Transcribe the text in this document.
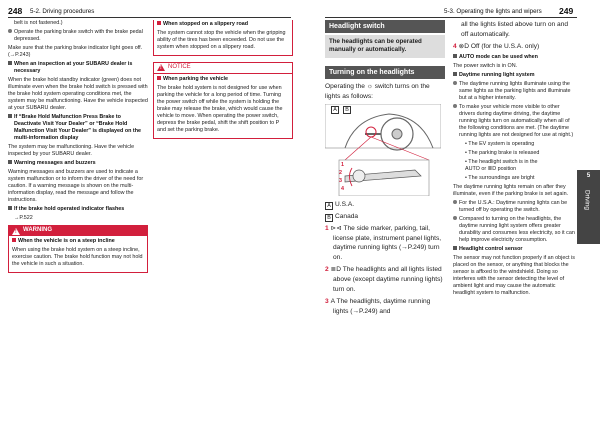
248 5-2. Driving procedures	5-3. Operating the lights and wipers 249

belt is not fastened.)

Operate the parking brake switch with the brake pedal depressed.

Make sure that the parking brake indicator light goes off. (→P.243)

When an inspection at your SUBARU dealer is necessary

When the brake hold standby indicator (green) does not illuminate even when the brake hold switch is pressed with the brake hold system operating conditions met, the system may be malfunctioning. Have the vehicle inspected at your SUBARU dealer.

If “Brake Hold Malfunction Press Brake to Deactivate Visit Your Dealer” or “Brake Hold Malfunction Visit Your Dealer” is displayed on the multi-information display

The system may be malfunctioning. Have the vehicle inspected by your SUBARU dealer.

Warning messages and buzzers

Warning messages and buzzers are used to indicate a system malfunction or to inform the driver of the need for caution. If a warning message is shown on the multi-information display, read the message and follow the instructions.

If the brake hold operated indicator flashes

→P.522

! WARNING

When the vehicle is on a steep incline

When using the brake hold system on a steep incline, exercise caution. The brake hold function may not hold the vehicle in such a situation.

When stopped on a slippery road

The system cannot stop the vehicle when the gripping ability of the tires has been exceeded. Do not use the system when stopped on a slippery road.

! NOTICE

When parking the vehicle

The brake hold system is not designed for use when parking the vehicle for a long period of time. Turning the power switch off while the system is holding the brake may release the brake, which would cause the vehicle to move. When operating the power switch, depress the brake pedal, shift the shift position to P and set the parking brake.

Headlight switch
The headlights can be operated manually or automatically.
Turning on the headlights

Operating the ☼ switch turns on the lights as follows:

A	B
1
2
3
4

A U.S.A.

B Canada

1 ⊳⊲ The side marker, parking, tail, license plate, instrument panel lights, daytime running lights (→P.249) turn on.

2 ≣D The headlights and all lights listed above (except daytime running lights) turn on.

3 A The headlights, daytime running lights (→P.249) and

all the lights listed above turn on and off automatically.

4 ⊗D Off (for the U.S.A. only)

AUTO mode can be used when

The power switch is in ON.

Daytime running light system

The daytime running lights illuminate using the same lights as the parking lights and illuminate but at a higher intensity.

To make your vehicle more visible to other drivers during daytime driving, the daytime running lights turn on automatically when all of the following conditions are met. (The daytime running lights are not designed for use at night.)

• The EV system is operating

• The parking brake is released

• The headlight switch is in the
AUTO or ≣D position

• The surroundings are bright

The daytime running lights remain on after they illuminate, even if the parking brake is set again.

For the U.S.A.: Daytime running lights can be turned off by operating the switch.

Compared to turning on the headlights, the daytime running light system offers greater durability and consumes less electricity, so it can help improve electricity consumption.

Headlight control sensor

The sensor may not function properly if an object is placed on the sensor, or anything that blocks the sensor is affixed to the windshield. Doing so interferes with the sensor detecting the level of ambient light and may cause the automatic headlight system to malfunction.

5
Driving
